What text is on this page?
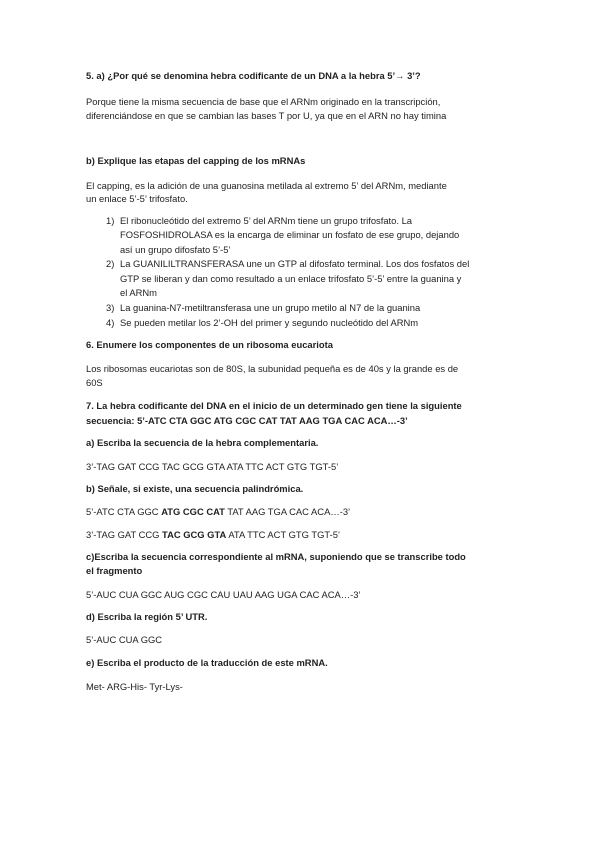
5. a) ¿Por qué se denomina hebra codificante de un DNA a la hebra 5’→ 3’?

Porque tiene la misma secuencia de base que el ARNm originado en la transcripción,

diferenciándose en que se cambian las bases T por U, ya que en el ARN no hay timina

b) Explique las etapas del capping de los mRNAs

El capping, es la adición de una guanosina metilada al extremo 5’ del ARNm, mediante

un enlace 5’-5’ trifosfato.

1) El ribonucleótido del extremo 5’ del ARNm tiene un grupo trifosfato. La

FOSFOSHIDROLASA es la encarga de eliminar un fosfato de ese grupo, dejando

así un grupo difosfato 5’-5’

2) La GUANILILTRANSFERASA une un GTP al difosfato terminal. Los dos fosfatos del

GTP se liberan y dan como resultado a un enlace trifosfato 5’-5’ entre la guanina y

el ARNm

3) La guanina-N7-metiltransferasa une un grupo metilo al N7 de la guanina

4) Se pueden metilar los 2’-OH del primer y segundo nucleótido del ARNm

6. Enumere los componentes de un ribosoma eucariota

Los ribosomas eucariotas son de 80S, la subunidad pequeña es de 40s y la grande es de

60S

7. La hebra codificante del DNA en el inicio de un determinado gen tiene la siguiente

secuencia: 5’-ATC CTA GGC ATG CGC CAT TAT AAG TGA CAC ACA…-3’

a) Escriba la secuencia de la hebra complementaria.

3’-TAG GAT CCG TAC GCG GTA ATA TTC ACT GTG TGT-5’

b) Señale, si existe, una secuencia palindrómica.

5’-ATC CTA GGC ATG CGC CAT TAT AAG TGA CAC ACA…-3’

3’-TAG GAT CCG TAC GCG GTA ATA TTC ACT GTG TGT-5’

c)Escriba la secuencia correspondiente al mRNA, suponiendo que se transcribe todo

el fragmento

5’-AUC CUA GGC AUG CGC CAU UAU AAG UGA CAC ACA…-3’

d) Escriba la región 5’ UTR.

5’-AUC CUA GGC

e) Escriba el producto de la traducción de este mRNA.

Met- ARG-His- Tyr-Lys-
